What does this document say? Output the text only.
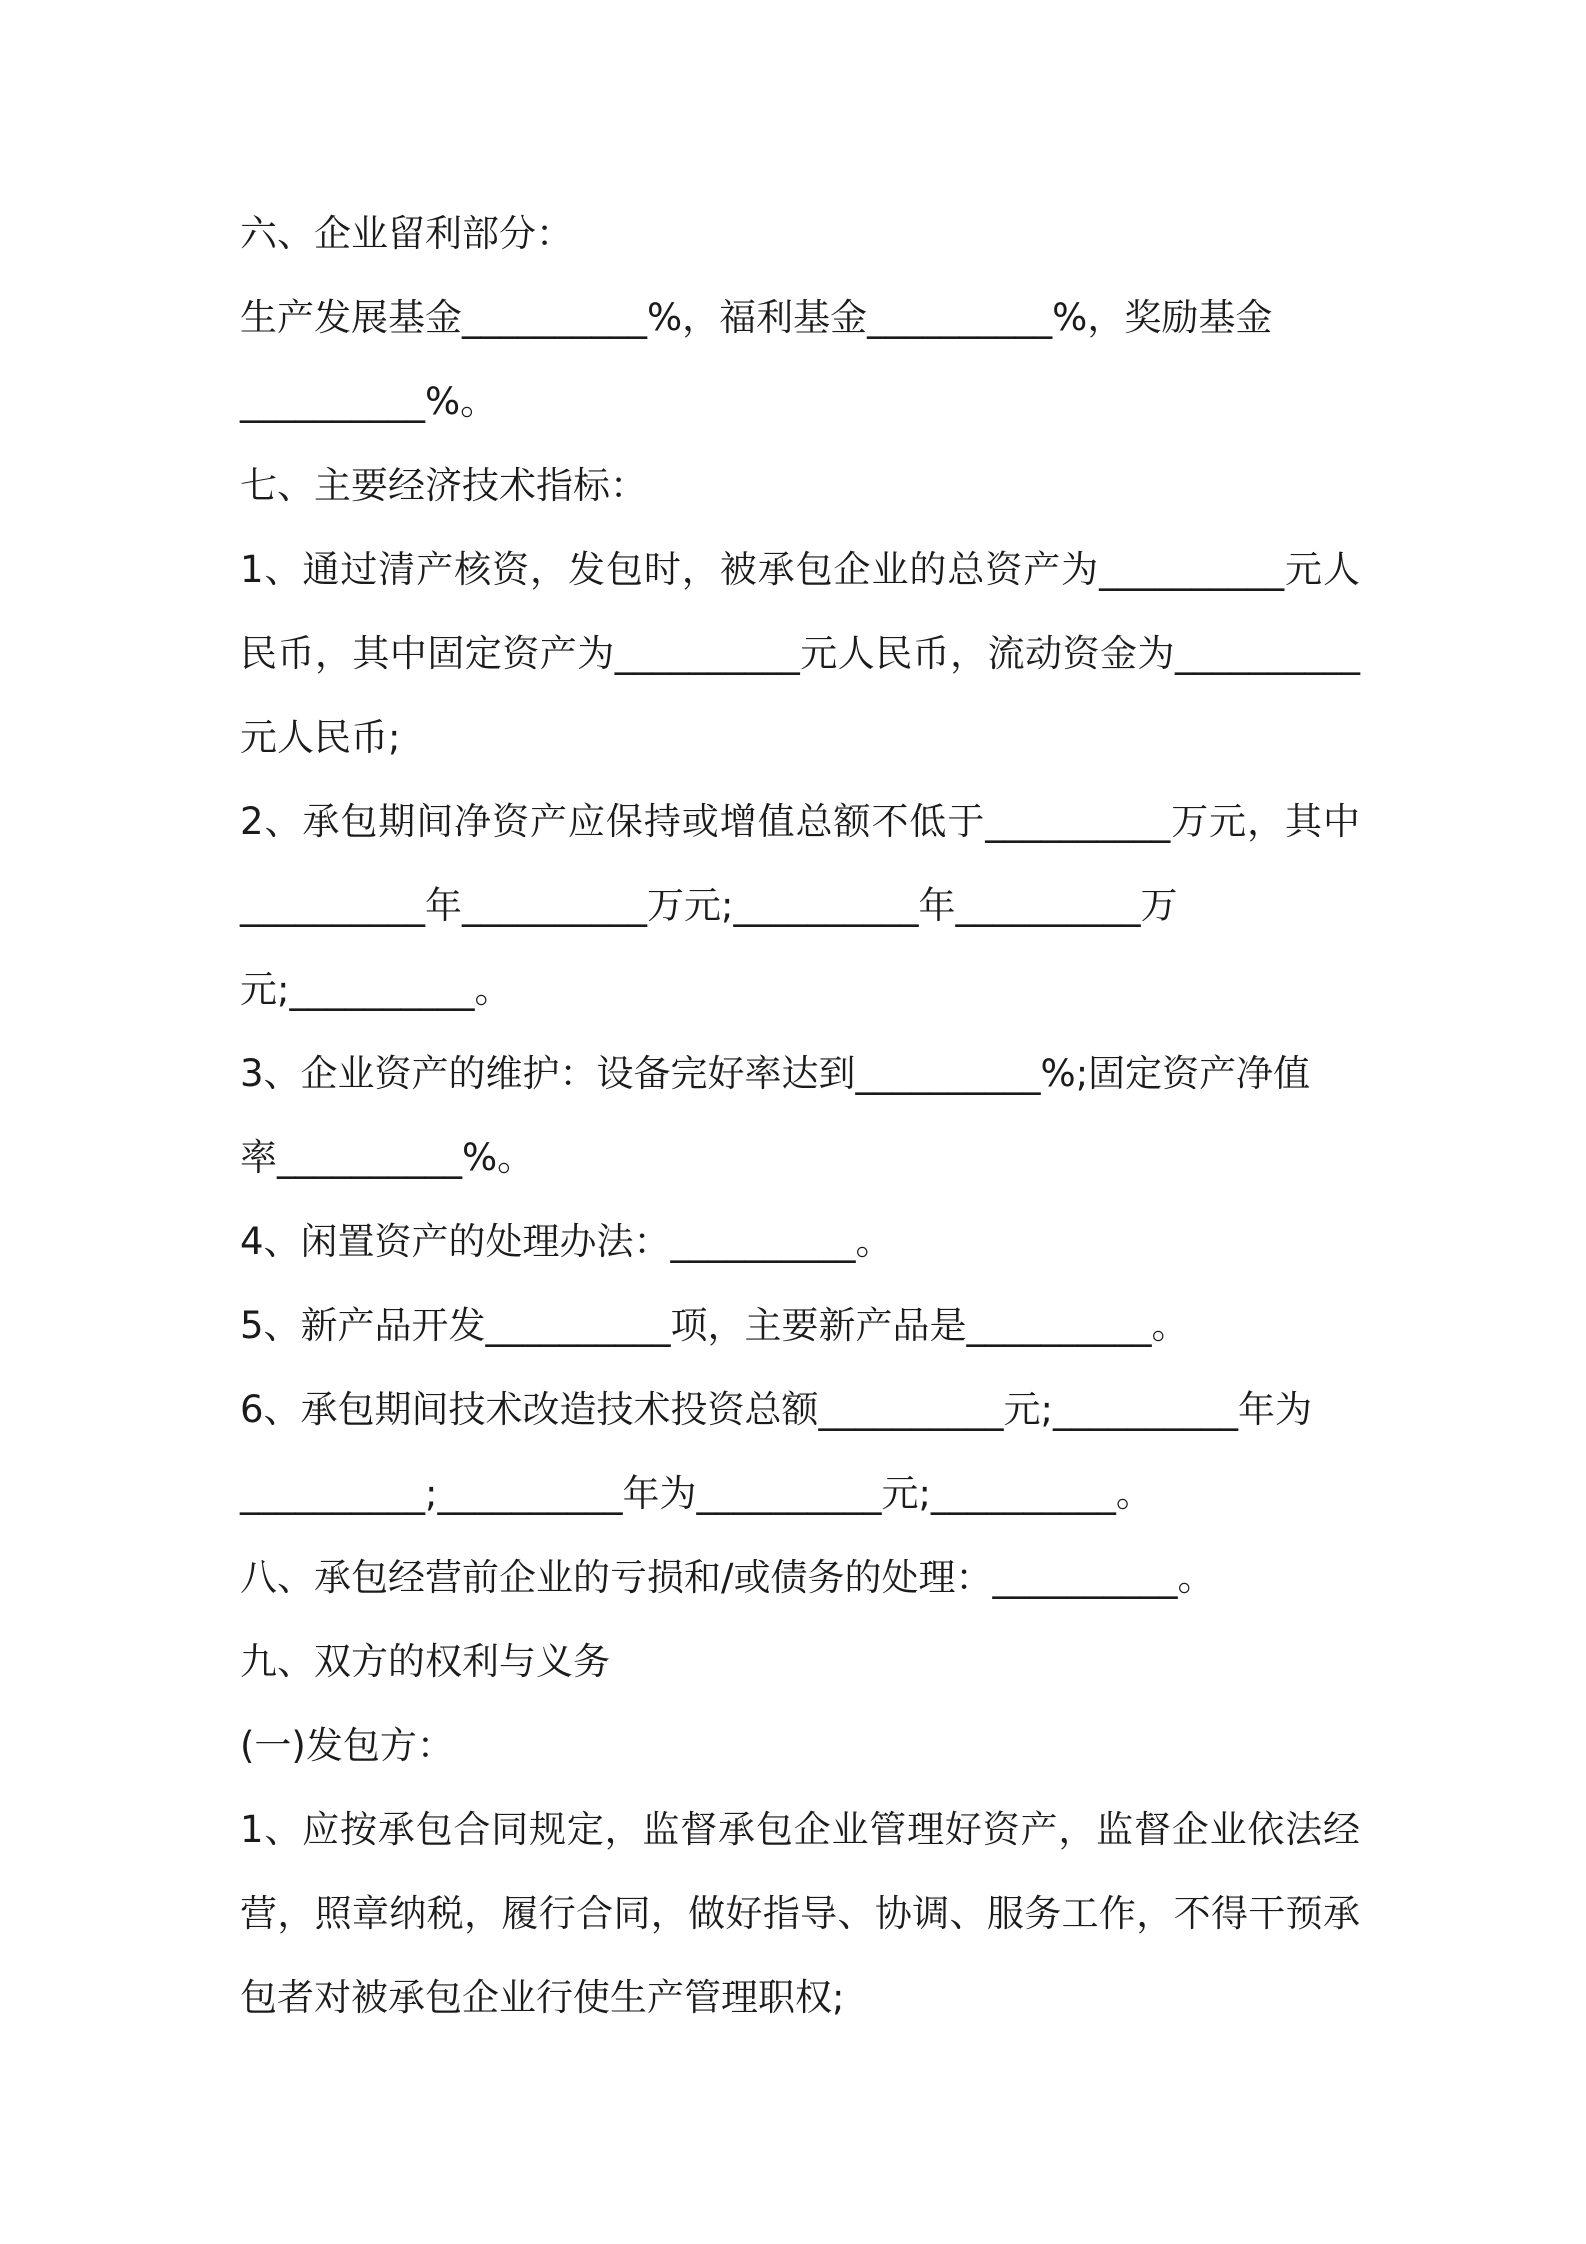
六、企业留利部分：
生产发展基金__________%，福利基金__________%，奖励基金
__________%。
七、主要经济技术指标：
1、通过清产核资，发包时，被承包企业的总资产为__________元人
民币，其中固定资产为__________元人民币，流动资金为__________
元人民币;
2、承包期间净资产应保持或增值总额不低于__________万元，其中
__________年__________万元;__________年__________万
元;__________。
3、企业资产的维护：设备完好率达到__________%;固定资产净值
率__________%。
4、闲置资产的处理办法：__________。
5、新产品开发__________项，主要新产品是__________。
6、承包期间技术改造技术投资总额__________元;__________年为
__________;__________年为__________元;__________。
八、承包经营前企业的亏损和/或债务的处理：__________。
九、双方的权利与义务
(一)发包方：
1、应按承包合同规定，监督承包企业管理好资产，监督企业依法经
营，照章纳税，履行合同，做好指导、协调、服务工作，不得干预承
包者对被承包企业行使生产管理职权;
